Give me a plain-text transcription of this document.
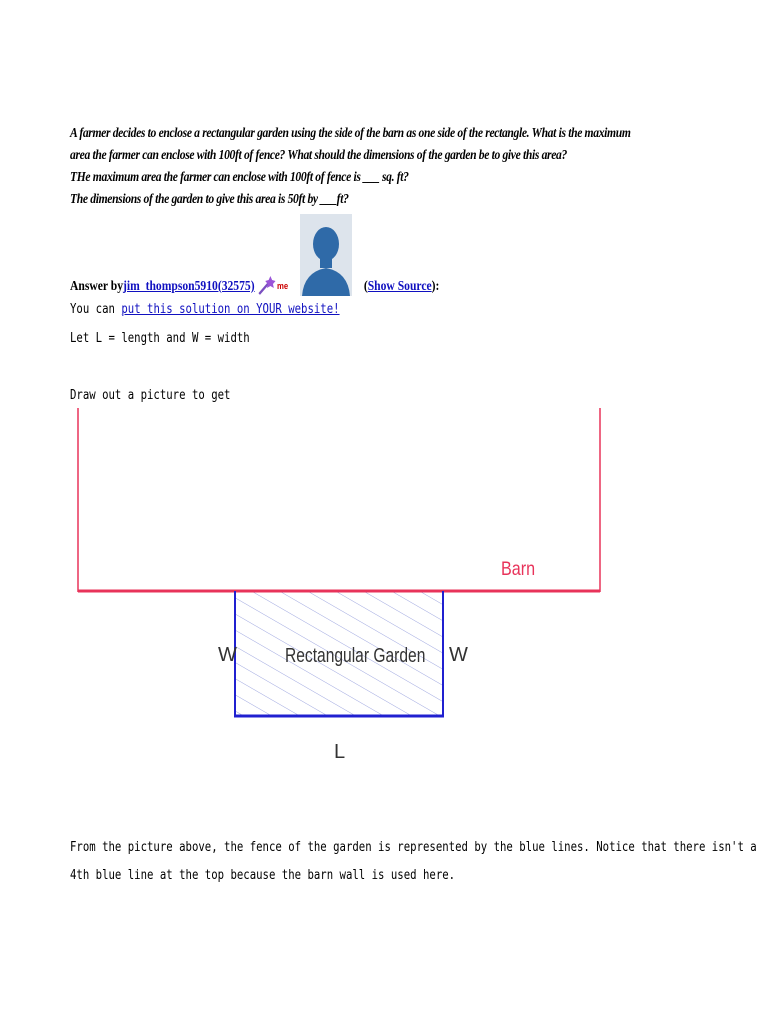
A farmer decides to enclose a rectangular garden using the side of the barn as one side of the rectangle. What is the maximum
area the farmer can enclose with 100ft of fence? What should the dimensions of the garden be to give this area?
THe maximum area the farmer can enclose with 100ft of fence is ___ sq. ft?
The dimensions of the garden to give this area is 50ft by ___ft?
Answer by jim_thompson5910(32575) me	( Show Source ):
You can put this solution on YOUR website!
Let L = length and W = width
Draw out a picture to get
Barn
Rectangular Garden
W	W
L
From the picture above, the fence of the garden is represented by the blue lines. Notice that there isn't a
4th blue line at the top because the barn wall is used here.
